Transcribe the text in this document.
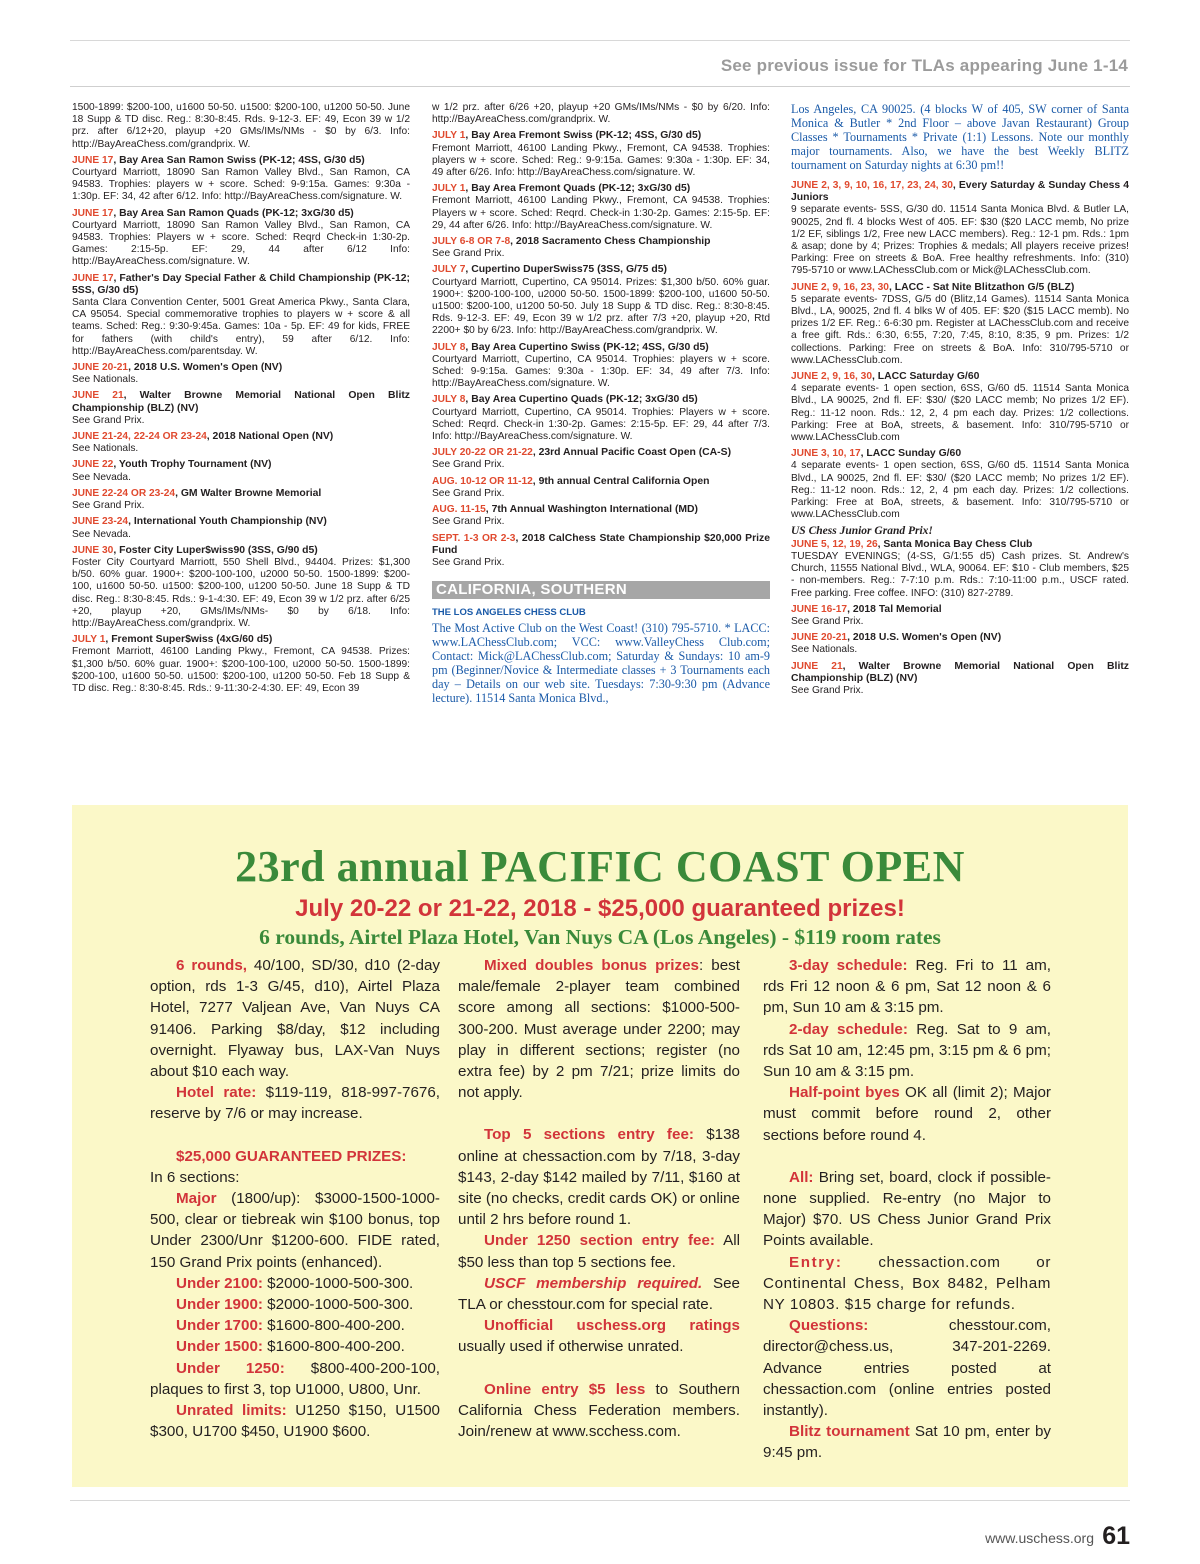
See previous issue for TLAs appearing June 1-14
1500-1899: $200-100, u1600 50-50. u1500: $200-100, u1200 50-50. June 18 Supp & TD disc. Reg.: 8:30-8:45. Rds. 9-12-3. EF: 49, Econ 39 w 1/2 prz. after 6/12+20, playup +20 GMs/IMs/NMs - $0 by 6/3. Info: http://BayAreaChess.com/grandprix. W.
JUNE 17, Bay Area San Ramon Swiss (PK-12; 4SS, G/30 d5)
Courtyard Marriott, 18090 San Ramon Valley Blvd., San Ramon, CA 94583. Trophies: players w + score. Sched: 9-9:15a. Games: 9:30a - 1:30p. EF: 34, 42 after 6/12. Info: http://BayAreaChess.com/signature. W.
JUNE 17, Bay Area San Ramon Quads (PK-12; 3xG/30 d5)
Courtyard Marriott, 18090 San Ramon Valley Blvd., San Ramon, CA 94583. Trophies: Players w + score. Sched: Reqrd Check-in 1:30-2p. Games: 2:15-5p. EF: 29, 44 after 6/12 Info: http://BayAreaChess.com/signature. W.
JUNE 17, Father's Day Special Father & Child Championship (PK-12; 5SS, G/30 d5)
Santa Clara Convention Center, 5001 Great America Pkwy., Santa Clara, CA 95054. Special commemorative trophies to players w + score & all teams. Sched: Reg.: 9:30-9:45a. Games: 10a - 5p. EF: 49 for kids, FREE for fathers (with child's entry), 59 after 6/12. Info: http://BayAreaChess.com/parentsday. W.
JUNE 20-21, 2018 U.S. Women's Open (NV)
See Nationals.
JUNE 21, Walter Browne Memorial National Open Blitz Championship (BLZ) (NV)
See Grand Prix.
JUNE 21-24, 22-24 OR 23-24, 2018 National Open (NV)
See Nationals.
JUNE 22, Youth Trophy Tournament (NV)
See Nevada.
JUNE 22-24 OR 23-24, GM Walter Browne Memorial
See Grand Prix.
JUNE 23-24, International Youth Championship (NV)
See Nevada.
JUNE 30, Foster City Luper$wiss90 (3SS, G/90 d5)
Foster City Courtyard Marriott, 550 Shell Blvd., 94404. Prizes: $1,300 b/50. 60% guar. 1900+: $200-100-100, u2000 50-50. 1500-1899: $200-100, u1600 50-50. u1500: $200-100, u1200 50-50. June 18 Supp & TD disc. Reg.: 8:30-8:45. Rds.: 9-1-4:30. EF: 49, Econ 39 w 1/2 prz. after 6/25 +20, playup +20, GMs/IMs/NMs- $0 by 6/18. Info: http://BayAreaChess.com/grandprix. W.
JULY 1, Fremont Super$wiss (4xG/60 d5)
Fremont Marriott, 46100 Landing Pkwy., Fremont, CA 94538. Prizes: $1,300 b/50. 60% guar. 1900+: $200-100-100, u2000 50-50. 1500-1899: $200-100, u1600 50-50. u1500: $200-100, u1200 50-50. Feb 18 Supp & TD disc. Reg.: 8:30-8:45. Rds.: 9-11:30-2-4:30. EF: 49, Econ 39
w 1/2 prz. after 6/26 +20, playup +20 GMs/IMs/NMs - $0 by 6/20. Info: http://BayAreaChess.com/grandprix. W.
JULY 1, Bay Area Fremont Swiss (PK-12; 4SS, G/30 d5)
Fremont Marriott, 46100 Landing Pkwy., Fremont, CA 94538. Trophies: players w + score. Sched: Reg.: 9-9:15a. Games: 9:30a - 1:30p. EF: 34, 49 after 6/26. Info: http://BayAreaChess.com/signature. W.
JULY 1, Bay Area Fremont Quads (PK-12; 3xG/30 d5)
Fremont Marriott, 46100 Landing Pkwy., Fremont, CA 94538. Trophies: Players w + score. Sched: Reqrd. Check-in 1:30-2p. Games: 2:15-5p. EF: 29, 44 after 6/26. Info: http://BayAreaChess.com/signature. W.
JULY 6-8 OR 7-8, 2018 Sacramento Chess Championship
See Grand Prix.
JULY 7, Cupertino DuperSwiss75 (3SS, G/75 d5)
Courtyard Marriott, Cupertino, CA 95014. Prizes: $1,300 b/50. 60% guar. 1900+: $200-100-100, u2000 50-50. 1500-1899: $200-100, u1600 50-50. u1500: $200-100, u1200 50-50. July 18 Supp & TD disc. Reg.: 8:30-8:45. Rds. 9-12-3. EF: 49, Econ 39 w 1/2 prz. after 7/3 +20, playup +20, Rtd 2200+ $0 by 6/23. Info: http://BayAreaChess.com/grandprix. W.
JULY 8, Bay Area Cupertino Swiss (PK-12; 4SS, G/30 d5)
Courtyard Marriott, Cupertino, CA 95014. Trophies: players w + score. Sched: 9-9:15a. Games: 9:30a - 1:30p. EF: 34, 49 after 7/3. Info: http://BayAreaChess.com/signature. W.
JULY 8, Bay Area Cupertino Quads (PK-12; 3xG/30 d5)
Courtyard Marriott, Cupertino, CA 95014. Trophies: Players w + score. Sched: Reqrd. Check-in 1:30-2p. Games: 2:15-5p. EF: 29, 44 after 7/3. Info: http://BayAreaChess.com/signature. W.
JULY 20-22 OR 21-22, 23rd Annual Pacific Coast Open (CA-S)
See Grand Prix.
AUG. 10-12 OR 11-12, 9th annual Central California Open
See Grand Prix.
AUG. 11-15, 7th Annual Washington International (MD)
See Grand Prix.
SEPT. 1-3 OR 2-3, 2018 CalChess State Championship $20,000 Prize Fund
See Grand Prix.
CALIFORNIA, SOUTHERN
THE LOS ANGELES CHESS CLUB
The Most Active Club on the West Coast! (310) 795-5710. * LACC: www.LAChessClub.com; VCC: www.ValleyChess Club.com; Contact: Mick@LAChessClub.com; Saturday & Sundays: 10 am-9 pm (Beginner/Novice & Intermediate classes + 3 Tournaments each day – Details on our web site. Tuesdays: 7:30-9:30 pm (Advance lecture). 11514 Santa Monica Blvd.,
Los Angeles, CA 90025. (4 blocks W of 405, SW corner of Santa Monica & Butler * 2nd Floor – above Javan Restaurant) Group Classes * Tournaments * Private (1:1) Lessons. Note our monthly major tournaments. Also, we have the best Weekly BLITZ tournament on Saturday nights at 6:30 pm!!
JUNE 2, 3, 9, 10, 16, 17, 23, 24, 30, Every Saturday & Sunday Chess 4 Juniors
9 separate events- 5SS, G/30 d0. 11514 Santa Monica Blvd. & Butler LA, 90025, 2nd fl. 4 blocks West of 405. EF: $30 ($20 LACC memb, No prize 1/2 EF, siblings 1/2, Free new LACC members). Reg.: 12-1 pm. Rds.: 1pm & asap; done by 4; Prizes: Trophies & medals; All players receive prizes! Parking: Free on streets & BoA. Free healthy refreshments. Info: (310) 795-5710 or www.LAChessClub.com or Mick@LAChessClub.com.
JUNE 2, 9, 16, 23, 30, LACC - Sat Nite Blitzathon G/5 (BLZ)
5 separate events- 7DSS, G/5 d0 (Blitz,14 Games). 11514 Santa Monica Blvd., LA, 90025, 2nd fl. 4 blks W of 405. EF: $20 ($15 LACC memb). No prizes 1/2 EF. Reg.: 6-6:30 pm. Register at LAChessClub.com and receive a free gift. Rds.: 6:30, 6:55, 7:20, 7:45, 8:10, 8:35, 9 pm. Prizes: 1/2 collections. Parking: Free on streets & BoA. Info: 310/795-5710 or www.LAChessClub.com.
JUNE 2, 9, 16, 30, LACC Saturday G/60
4 separate events- 1 open section, 6SS, G/60 d5. 11514 Santa Monica Blvd., LA 90025, 2nd fl. EF: $30/ ($20 LACC memb; No prizes 1/2 EF). Reg.: 11-12 noon. Rds.: 12, 2, 4 pm each day. Prizes: 1/2 collections. Parking: Free at BoA, streets, & basement. Info: 310/795-5710 or www.LAChessClub.com
JUNE 3, 10, 17, LACC Sunday G/60
4 separate events- 1 open section, 6SS, G/60 d5. 11514 Santa Monica Blvd., LA 90025, 2nd fl. EF: $30/ ($20 LACC memb; No prizes 1/2 EF). Reg.: 11-12 noon. Rds.: 12, 2, 4 pm each day. Prizes: 1/2 collections. Parking: Free at BoA, streets, & basement. Info: 310/795-5710 or www.LAChessClub.com
US Chess Junior Grand Prix!
JUNE 5, 12, 19, 26, Santa Monica Bay Chess Club
TUESDAY EVENINGS; (4-SS, G/1:55 d5) Cash prizes. St. Andrew's Church, 11555 National Blvd., WLA, 90064. EF: $10 - Club members, $25 - non-members. Reg.: 7-7:10 p.m. Rds.: 7:10-11:00 p.m., USCF rated. Free parking. Free coffee. INFO: (310) 827-2789.
JUNE 16-17, 2018 Tal Memorial
See Grand Prix.
JUNE 20-21, 2018 U.S. Women's Open (NV)
See Nationals.
JUNE 21, Walter Browne Memorial National Open Blitz Championship (BLZ) (NV)
See Grand Prix.
23rd annual PACIFIC COAST OPEN
July 20-22 or 21-22, 2018 - $25,000 guaranteed prizes!
6 rounds, Airtel Plaza Hotel, Van Nuys CA (Los Angeles) - $119 room rates

6 rounds, 40/100, SD/30, d10 (2-day option, rds 1-3 G/45, d10), Airtel Plaza Hotel, 7277 Valjean Ave, Van Nuys CA 91406. Parking $8/day, $12 including overnight. Flyaway bus, LAX-Van Nuys about $10 each way.

Hotel rate: $119-119, 818-997-7676, reserve by 7/6 or may increase.

$25,000 GUARANTEED PRIZES:

In 6 sections:

Major (1800/up): $3000-1500-1000-500, clear or tiebreak win $100 bonus, top Under 2300/Unr $1200-600. FIDE rated, 150 Grand Prix points (enhanced).

Under 2100: $2000-1000-500-300.

Under 1900: $2000-1000-500-300.

Under 1700: $1600-800-400-200.

Under 1500: $1600-800-400-200.

Under 1250: $800-400-200-100, plaques to first 3, top U1000, U800, Unr.

Unrated limits: U1250 $150, U1500 $300, U1700 $450, U1900 $600.

Mixed doubles bonus prizes: best male/female 2-player team combined score among all sections: $1000-500-300-200. Must average under 2200; may play in different sections; register (no extra fee) by 2 pm 7/21; prize limits do not apply.

Top 5 sections entry fee: $138 online at chessaction.com by 7/18, 3-day $143, 2-day $142 mailed by 7/11, $160 at site (no checks, credit cards OK) or online until 2 hrs before round 1.

Under 1250 section entry fee: All $50 less than top 5 sections fee.

USCF membership required. See TLA or chesstour.com for special rate.

Unofficial uschess.org ratings usually used if otherwise unrated.

Online entry $5 less to Southern California Chess Federation members. Join/renew at www.scchess.com.

3-day schedule: Reg. Fri to 11 am, rds Fri 12 noon & 6 pm, Sat 12 noon & 6 pm, Sun 10 am & 3:15 pm.

2-day schedule: Reg. Sat to 9 am, rds Sat 10 am, 12:45 pm, 3:15 pm & 6 pm; Sun 10 am & 3:15 pm.

Half-point byes OK all (limit 2); Major must commit before round 2, other sections before round 4.

All: Bring set, board, clock if possible- none supplied. Re-entry (no Major to Major) $70. US Chess Junior Grand Prix Points available.

Entry: chessaction.com or Continental Chess, Box 8482, Pelham NY 10803. $15 charge for refunds.

Questions: chesstour.com, director@chess.us, 347-201-2269. Advance entries posted at chessaction.com (online entries posted instantly).

Blitz tournament Sat 10 pm, enter by 9:45 pm.

www.uschess.org 61
